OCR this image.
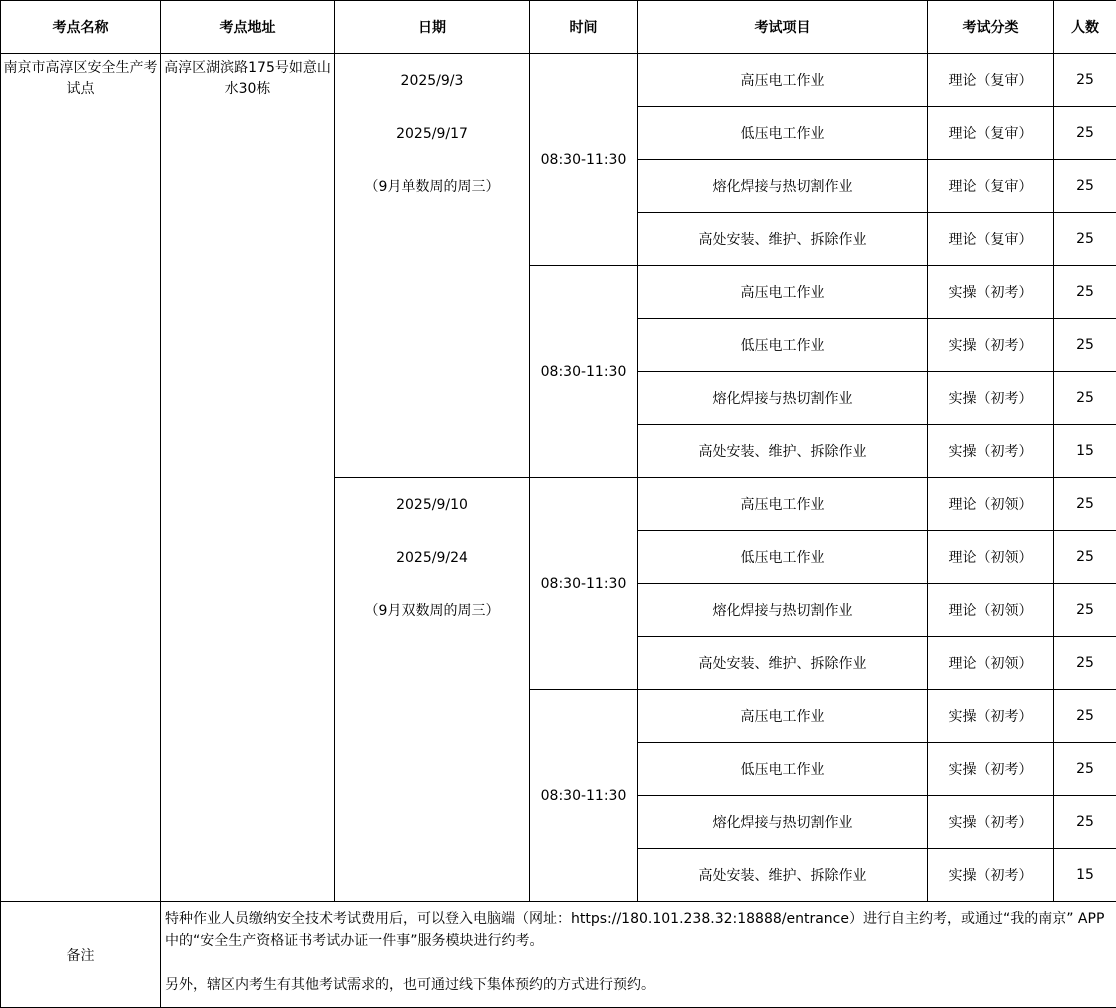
考点名称	考点地址	日期	时间	考试项目	考试分类	人数
南京市高淳区安全生产考试点	高淳区湖滨路175号如意山水30栋	2025/9/3
2025/9/17
（9月单数周的周三）	08:30-11:30	高压电工作业	理论（复审）	25
				低压电工作业	理论（复审）	25
				熔化焊接与热切割作业	理论（复审）	25
				高处安装、维护、拆除作业	理论（复审）	25
			08:30-11:30	高压电工作业	实操（初考）	25
				低压电工作业	实操（初考）	25
				熔化焊接与热切割作业	实操（初考）	25
				高处安装、维护、拆除作业	实操（初考）	15

		2025/9/10
2025/9/24
（9月双数周的周三）	08:30-11:30	高压电工作业	理论（初领）	25
				低压电工作业	理论（初领）	25
				熔化焊接与热切割作业	理论（初领）	25
				高处安装、维护、拆除作业	理论（初领）	25
			08:30-11:30	高压电工作业	实操（初考）	25
				低压电工作业	实操（初考）	25
				熔化焊接与热切割作业	实操（初考）	25
				高处安装、维护、拆除作业	实操（初考）	15
备注	特种作业人员缴纳安全技术考试费用后，可以登入电脑端（网址：https://180.101.238.32:18888/entrance）进行自主约考，或通过“我的南京” APP中的“安全生产资格证书考试办证一件事”服务模块进行约考。

另外，辖区内考生有其他考试需求的，也可通过线下集体预约的方式进行预约。					
